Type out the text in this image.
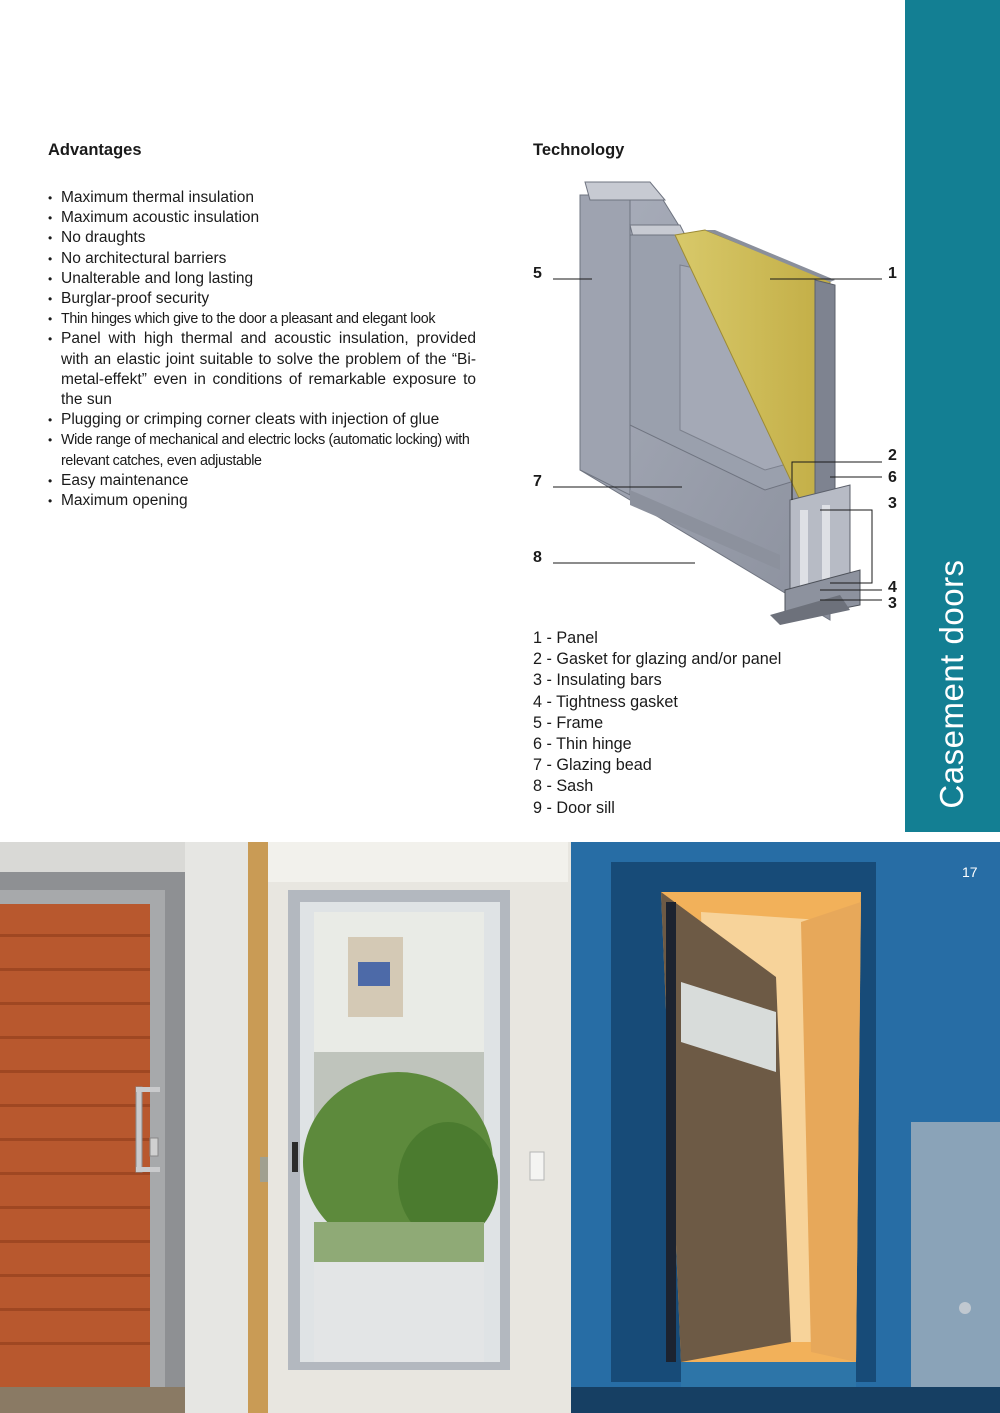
Casement doors
Advantages
• Maximum thermal insulation
• Maximum acoustic insulation
• No draughts
• No architectural barriers
• Unalterable and long lasting
• Burglar-proof security
• Thin hinges which give to the door a pleasant and elegant look
• Panel with high thermal and acoustic insulation, provided with an elastic joint suitable to solve the problem of the “Bi-metal-effekt” even in conditions of remarkable exposure to the sun
• Plugging or crimping corner cleats with injection of glue
• Wide range of mechanical and electric locks (automatic locking) with relevant catches, even adjustable
• Easy maintenance
• Maximum opening
Technology
5	1
2
6
3
7
8
4
3
1 - Panel
2 - Gasket for glazing and/or panel
3 - Insulating bars
4 - Tightness gasket
5 - Frame
6 - Thin hinge
7 - Glazing bead
8 - Sash
9 - Door sill
17
